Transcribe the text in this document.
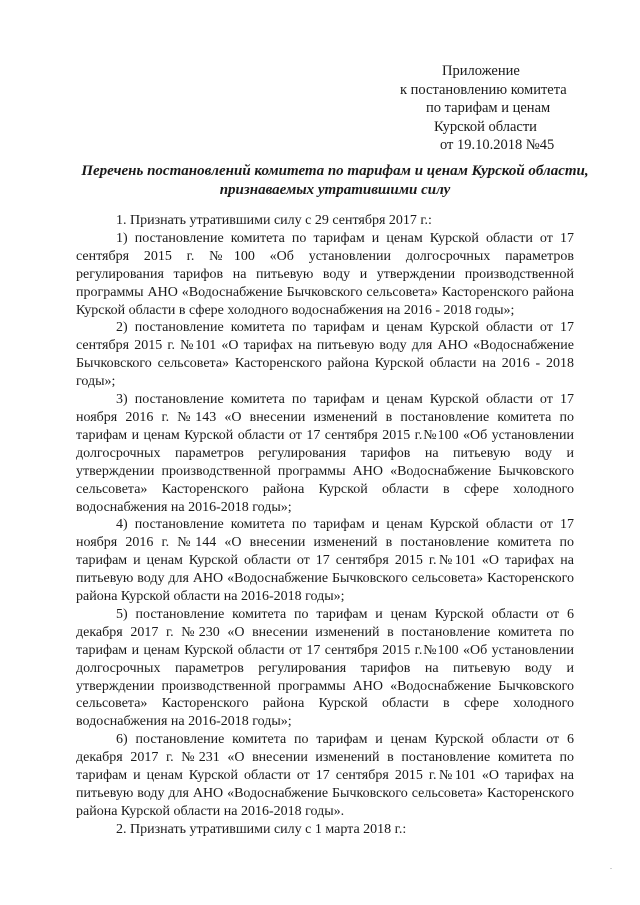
Приложение
к постановлению комитета
по тарифам и ценам
Курской области
от 19.10.2018 №45
Перечень постановлений комитета по тарифам и ценам Курской области, признаваемых утратившими силу

1. Признать утратившими силу с 29 сентября 2017 г.:

1) постановление комитета по тарифам и ценам Курской области от 17 сентября 2015 г. №100 «Об установлении долгосрочных параметров регулирования тарифов на питьевую воду и утверждении производственной программы АНО «Водоснабжение Бычковского сельсовета» Касторенского района Курской области в сфере холодного водоснабжения на 2016 - 2018 годы»;

2) постановление комитета по тарифам и ценам Курской области от 17 сентября 2015 г. №101 «О тарифах на питьевую воду для АНО «Водоснабжение Бычковского сельсовета» Касторенского района Курской области на 2016 - 2018 годы»;

3) постановление комитета по тарифам и ценам Курской области от 17 ноября 2016 г. №143 «О внесении изменений в постановление комитета по тарифам и ценам Курской области от 17 сентября 2015 г.№100 «Об установлении долгосрочных параметров регулирования тарифов на питьевую воду и утверждении производственной программы АНО «Водоснабжение Бычковского сельсовета» Касторенского района Курской области в сфере холодного водоснабжения на 2016-2018 годы»;

4) постановление комитета по тарифам и ценам Курской области от 17 ноября 2016 г. №144 «О внесении изменений в постановление комитета по тарифам и ценам Курской области от 17 сентября 2015 г.№101 «О тарифах на питьевую воду для АНО «Водоснабжение Бычковского сельсовета» Касторенского района Курской области на 2016-2018 годы»;

5) постановление комитета по тарифам и ценам Курской области от 6 декабря 2017 г. №230 «О внесении изменений в постановление комитета по тарифам и ценам Курской области от 17 сентября 2015 г.№100 «Об установлении долгосрочных параметров регулирования тарифов на питьевую воду и утверждении производственной программы АНО «Водоснабжение Бычковского сельсовета» Касторенского района Курской области в сфере холодного водоснабжения на 2016-2018 годы»;

6) постановление комитета по тарифам и ценам Курской области от 6 декабря 2017 г. №231 «О внесении изменений в постановление комитета по тарифам и ценам Курской области от 17 сентября 2015 г.№101 «О тарифах на питьевую воду для АНО «Водоснабжение Бычковского сельсовета» Касторенского района Курской области на 2016-2018 годы».

2. Признать утратившими силу с 1 марта 2018 г.:

.
